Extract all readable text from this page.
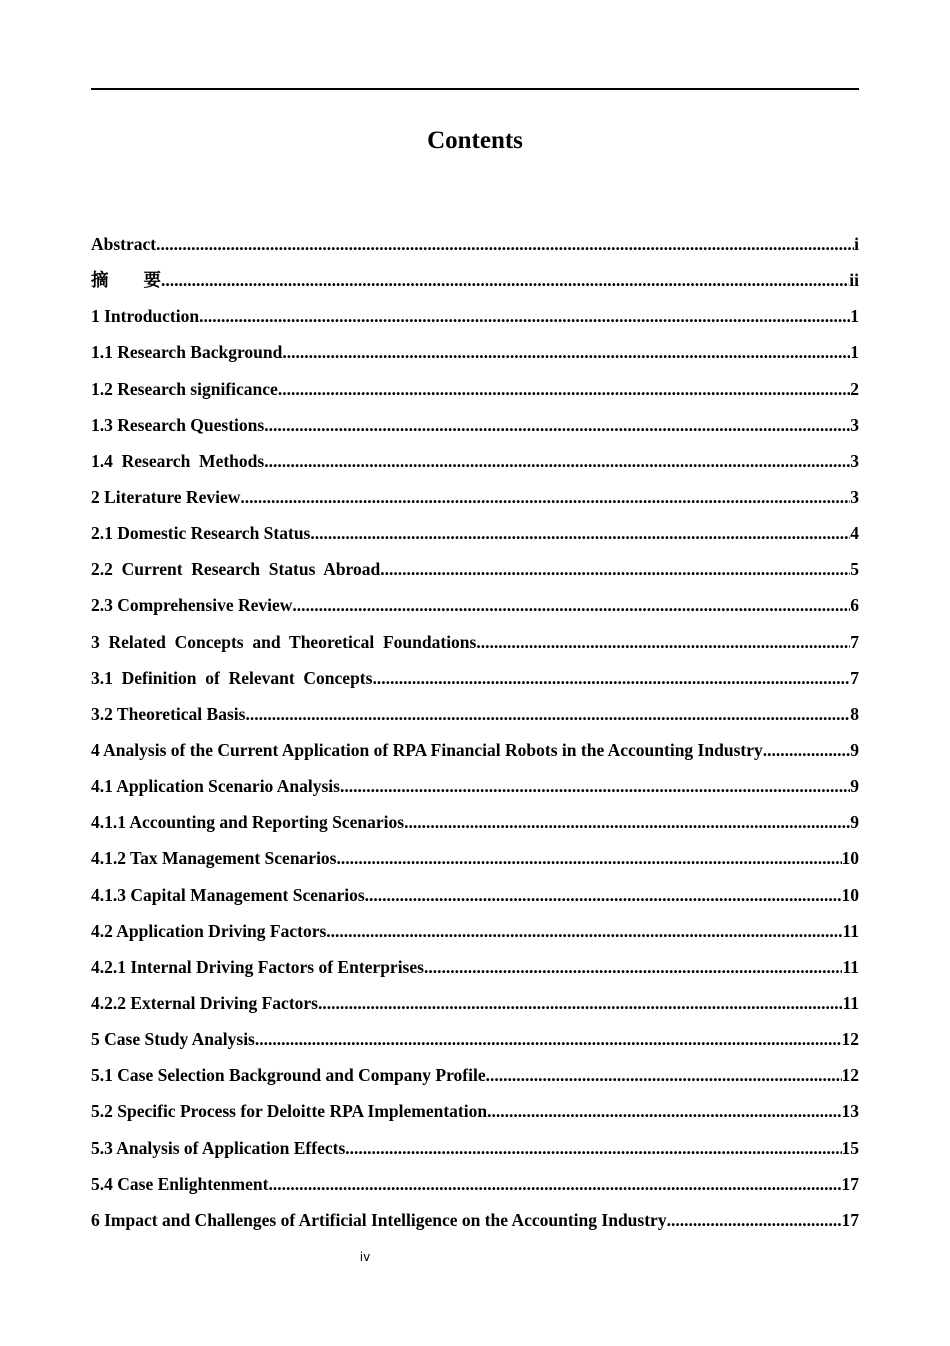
Contents
Abstract .....	i
摘　　要 .....	ii
1 Introduction .....	1
1.1 Research Background .....	1
1.2 Research significance .....	2
1.3 Research Questions .....	3
1.4  Research  Methods .....	3
2 Literature Review .....	3
2.1 Domestic Research Status .....	4
2.2  Current  Research  Status  Abroad .....	5
2.3 Comprehensive Review .....	6
3  Related  Concepts  and  Theoretical  Foundations .....	7
3.1  Definition  of  Relevant  Concepts .....	7
3.2 Theoretical Basis .....	8
4 Analysis of the Current Application of RPA Financial Robots in the Accounting Industry .....	9
4.1 Application Scenario Analysis .....	9
4.1.1 Accounting and Reporting Scenarios .....	9
4.1.2 Tax Management Scenarios .....	10
4.1.3 Capital Management Scenarios .....	10
4.2 Application Driving Factors .....	11
4.2.1 Internal Driving Factors of Enterprises .....	11
4.2.2 External Driving Factors .....	11
5 Case Study Analysis .....	12
5.1 Case Selection Background and Company Profile .....	12
5.2 Specific Process for Deloitte RPA Implementation .....	13
5.3 Analysis of Application Effects .....	15
5.4 Case Enlightenment .....	17
6 Impact and Challenges of Artificial Intelligence on the Accounting Industry .....	17
iv
